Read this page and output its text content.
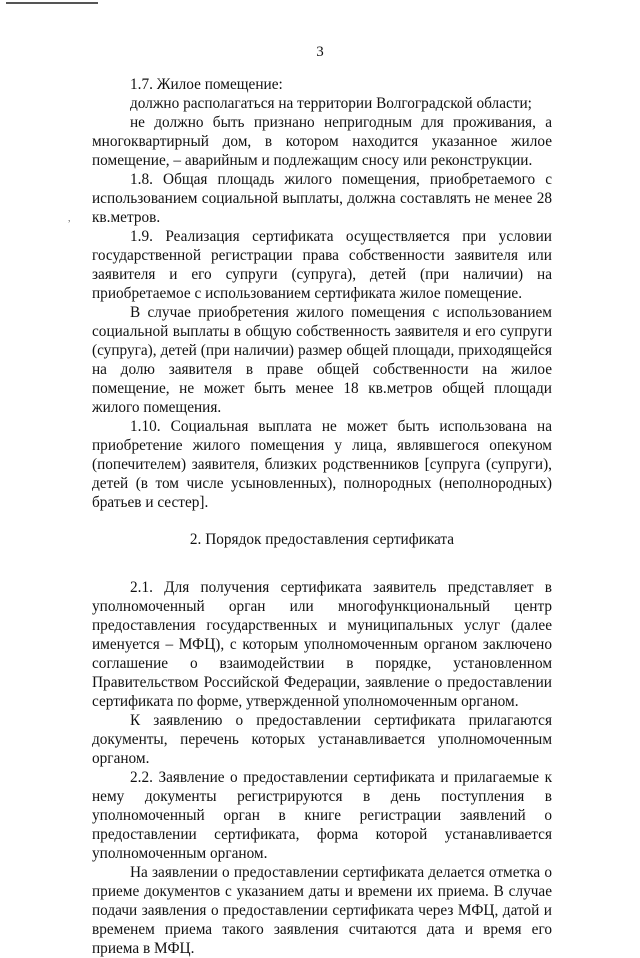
3
,

1.7. Жилое помещение:

должно располагаться на территории Волгоградской области;

не должно быть признано непригодным для проживания, а многоквартирный дом, в котором находится указанное жилое помещение, – аварийным и подлежащим сносу или реконструкции.

1.8. Общая площадь жилого помещения, приобретаемого с использованием социальной выплаты, должна составлять не менее 28 кв.метров.

1.9. Реализация сертификата осуществляется при условии государственной регистрации права собственности заявителя или заявителя и его супруги (супруга), детей (при наличии) на приобретаемое с использованием сертификата жилое помещение.

В случае приобретения жилого помещения с использованием социальной выплаты в общую собственность заявителя и его супруги (супруга), детей (при наличии) размер общей площади, приходящейся на долю заявителя в праве общей собственности на жилое помещение, не может быть менее 18 кв.метров общей площади жилого помещения.

1.10. Социальная выплата не может быть использована на приобретение жилого помещения у лица, являвшегося опекуном (попечителем) заявителя, близких родственников [супруга (супруги), детей (в том числе усыновленных), полнородных (неполнородных) братьев и сестер].

2. Порядок предоставления сертификата

2.1. Для получения сертификата заявитель представляет в уполномоченный орган или многофункциональный центр предоставления государственных и муниципальных услуг (далее именуется – МФЦ), с которым уполномоченным органом заключено соглашение о взаимодействии в порядке, установленном Правительством Российской Федерации, заявление о предоставлении сертификата по форме, утвержденной уполномоченным органом.

К заявлению о предоставлении сертификата прилагаются документы, перечень которых устанавливается уполномоченным органом.

2.2. Заявление о предоставлении сертификата и прилагаемые к нему документы регистрируются в день поступления в уполномоченный орган в книге регистрации заявлений о предоставлении сертификата, форма которой устанавливается уполномоченным органом.

На заявлении о предоставлении сертификата делается отметка о приеме документов с указанием даты и времени их приема. В случае подачи заявления о предоставлении сертификата через МФЦ, датой и временем приема такого заявления считаются дата и время его приема в МФЦ.
